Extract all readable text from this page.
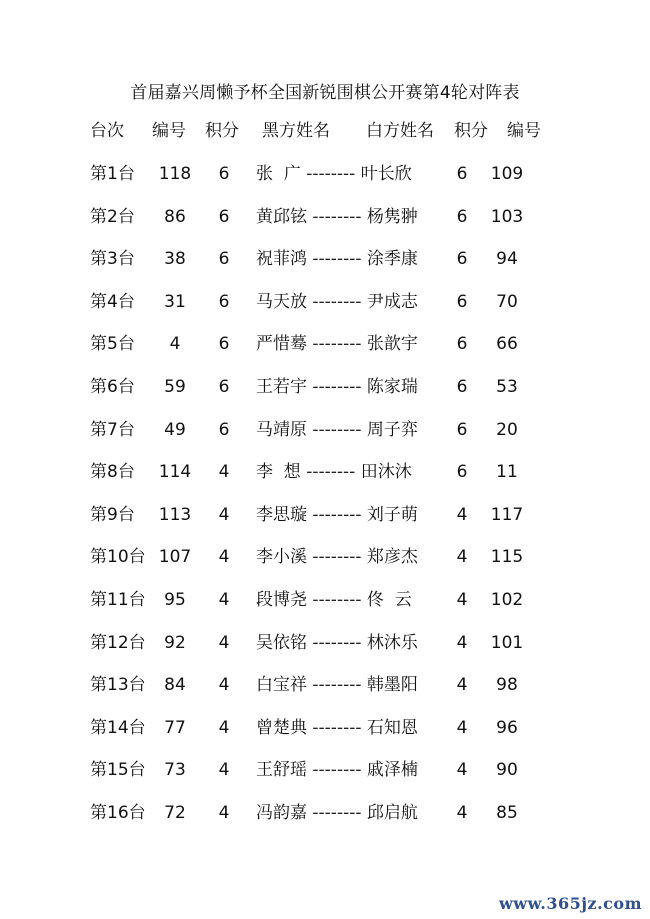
首届嘉兴周懒予杯全国新锐围棋公开赛第4轮对阵表
台次 编号 积分 黑方姓名 白方姓名 积分 编号
第1台	118	6	张  广 -------- 叶长欣	6	109
第2台	86	6	黄邱铉 -------- 杨隽翀	6	103
第3台	38	6	祝菲鸿 -------- 涂季康	6	94
第4台	31	6	马天放 -------- 尹成志	6	70
第5台	4	6	严惜蓦 -------- 张歆宇	6	66
第6台	59	6	王若宇 -------- 陈家瑞	6	53
第7台	49	6	马靖原 -------- 周子弈	6	20
第8台	114	4	李  想 -------- 田沐沐	6	11
第9台	113	4	李思璇 -------- 刘子萌	4	117
第10台 107	4	李小溪 -------- 郑彦杰	4	115
第11台	95	4	段博尧 -------- 佟  云	4	102
第12台	92	4	吴依铭 -------- 林沐乐	4	101
第13台	84	4	白宝祥 -------- 韩墨阳	4	98
第14台	77	4	曾楚典 -------- 石知恩	4	96
第15台	73	4	王舒瑶 -------- 戚泽楠	4	90
第16台	72	4	冯韵嘉 -------- 邱启航	4	85
www.365jz.com
